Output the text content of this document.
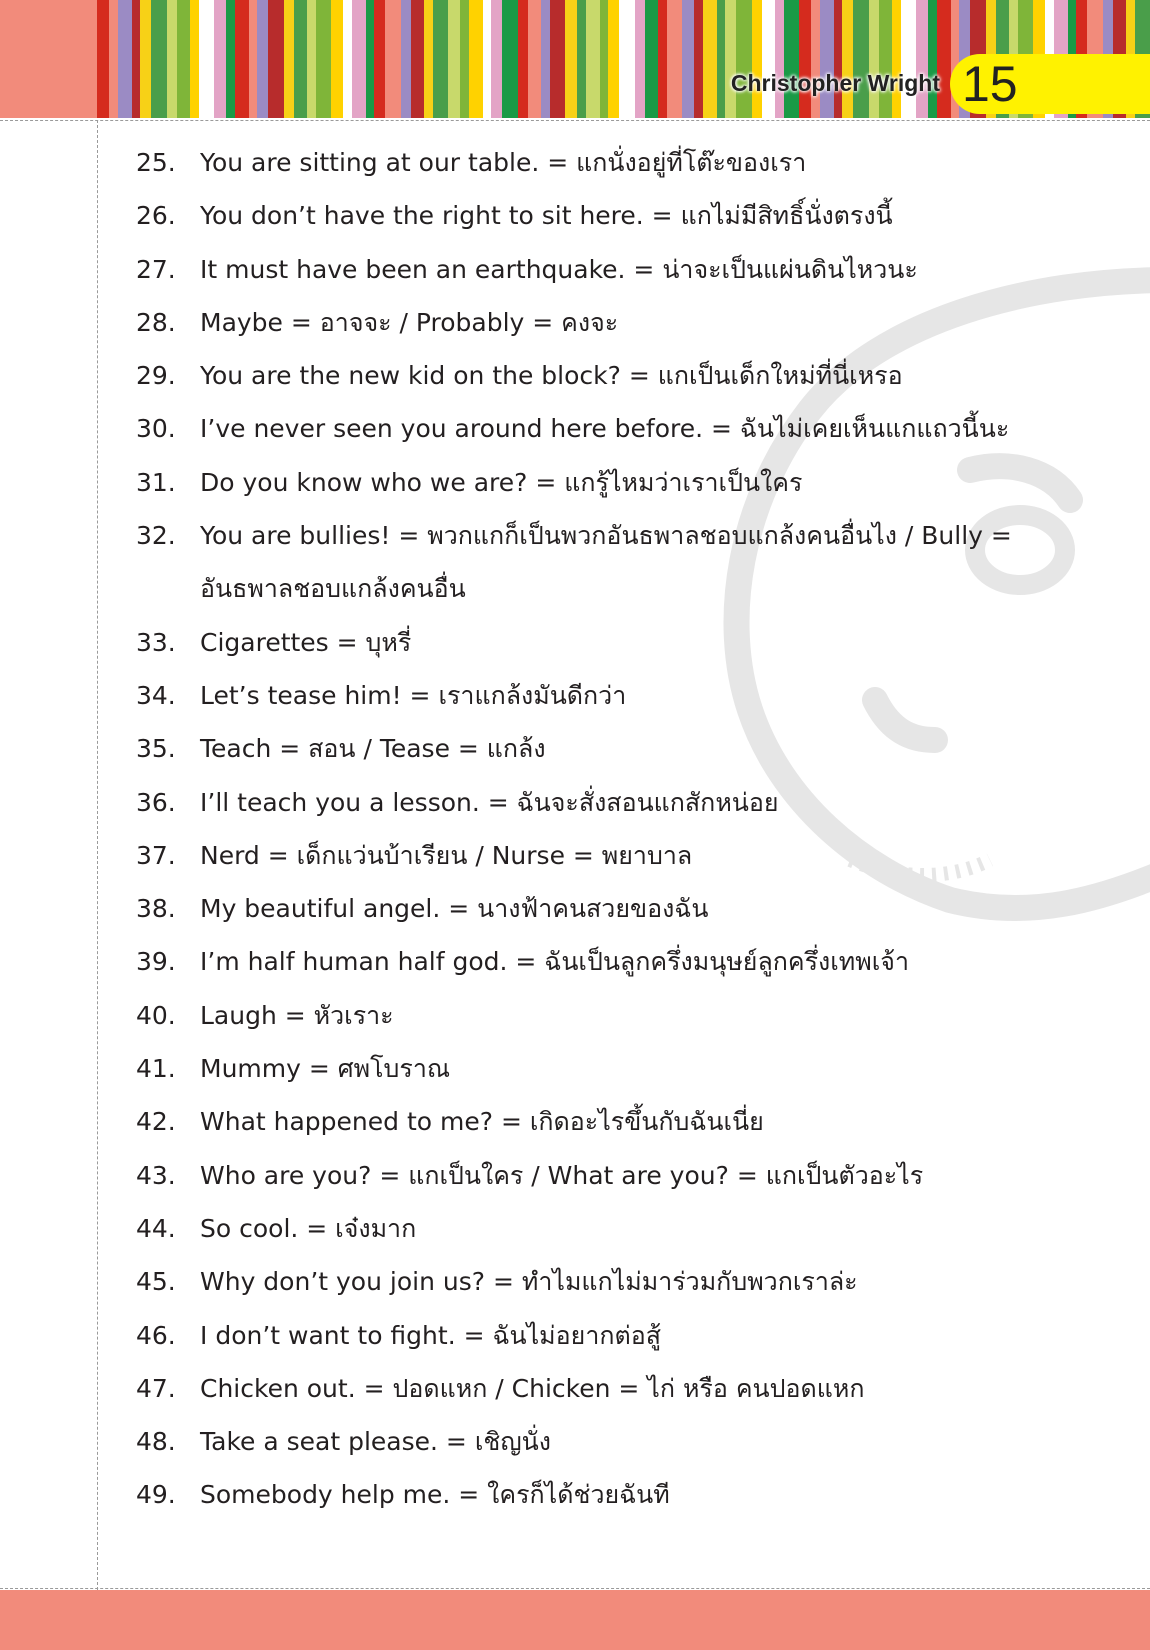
Christopher Wright 15
25. You are sitting at our table. = แกนั่งอยู่ที่โต๊ะของเรา
26. You don’t have the right to sit here. = แกไม่มีสิทธิ์นั่งตรงนี้
27. It must have been an earthquake. = น่าจะเป็นแผ่นดินไหวนะ
28. Maybe = อาจจะ / Probably = คงจะ
29. You are the new kid on the block? = แกเป็นเด็กใหม่ที่นี่เหรอ
30. I’ve never seen you around here before. = ฉันไม่เคยเห็นแกแถวนี้นะ
31. Do you know who we are? = แกรู้ไหมว่าเราเป็นใคร
32. You are bullies! = พวกแกก็เป็นพวกอันธพาลชอบแกล้งคนอื่นไง / Bully = อันธพาลชอบแกล้งคนอื่น
33. Cigarettes = บุหรี่
34. Let’s tease him! = เราแกล้งมันดีกว่า
35. Teach = สอน / Tease = แกล้ง
36. I’ll teach you a lesson. = ฉันจะสั่งสอนแกสักหน่อย
37. Nerd = เด็กแว่นบ้าเรียน / Nurse = พยาบาล
38. My beautiful angel. = นางฟ้าคนสวยของฉัน
39. I’m half human half god. = ฉันเป็นลูกครึ่งมนุษย์ลูกครึ่งเทพเจ้า
40. Laugh = หัวเราะ
41. Mummy = ศพโบราณ
42. What happened to me? = เกิดอะไรขึ้นกับฉันเนี่ย
43. Who are you? = แกเป็นใคร / What are you? = แกเป็นตัวอะไร
44. So cool. = เจ๋งมาก
45. Why don’t you join us? = ทำไมแกไม่มาร่วมกับพวกเราล่ะ
46. I don’t want to fight. = ฉันไม่อยากต่อสู้
47. Chicken out. = ปอดแหก / Chicken = ไก่ หรือ คนปอดแหก
48. Take a seat please. = เชิญนั่ง
49. Somebody help me. = ใครก็ได้ช่วยฉันที
